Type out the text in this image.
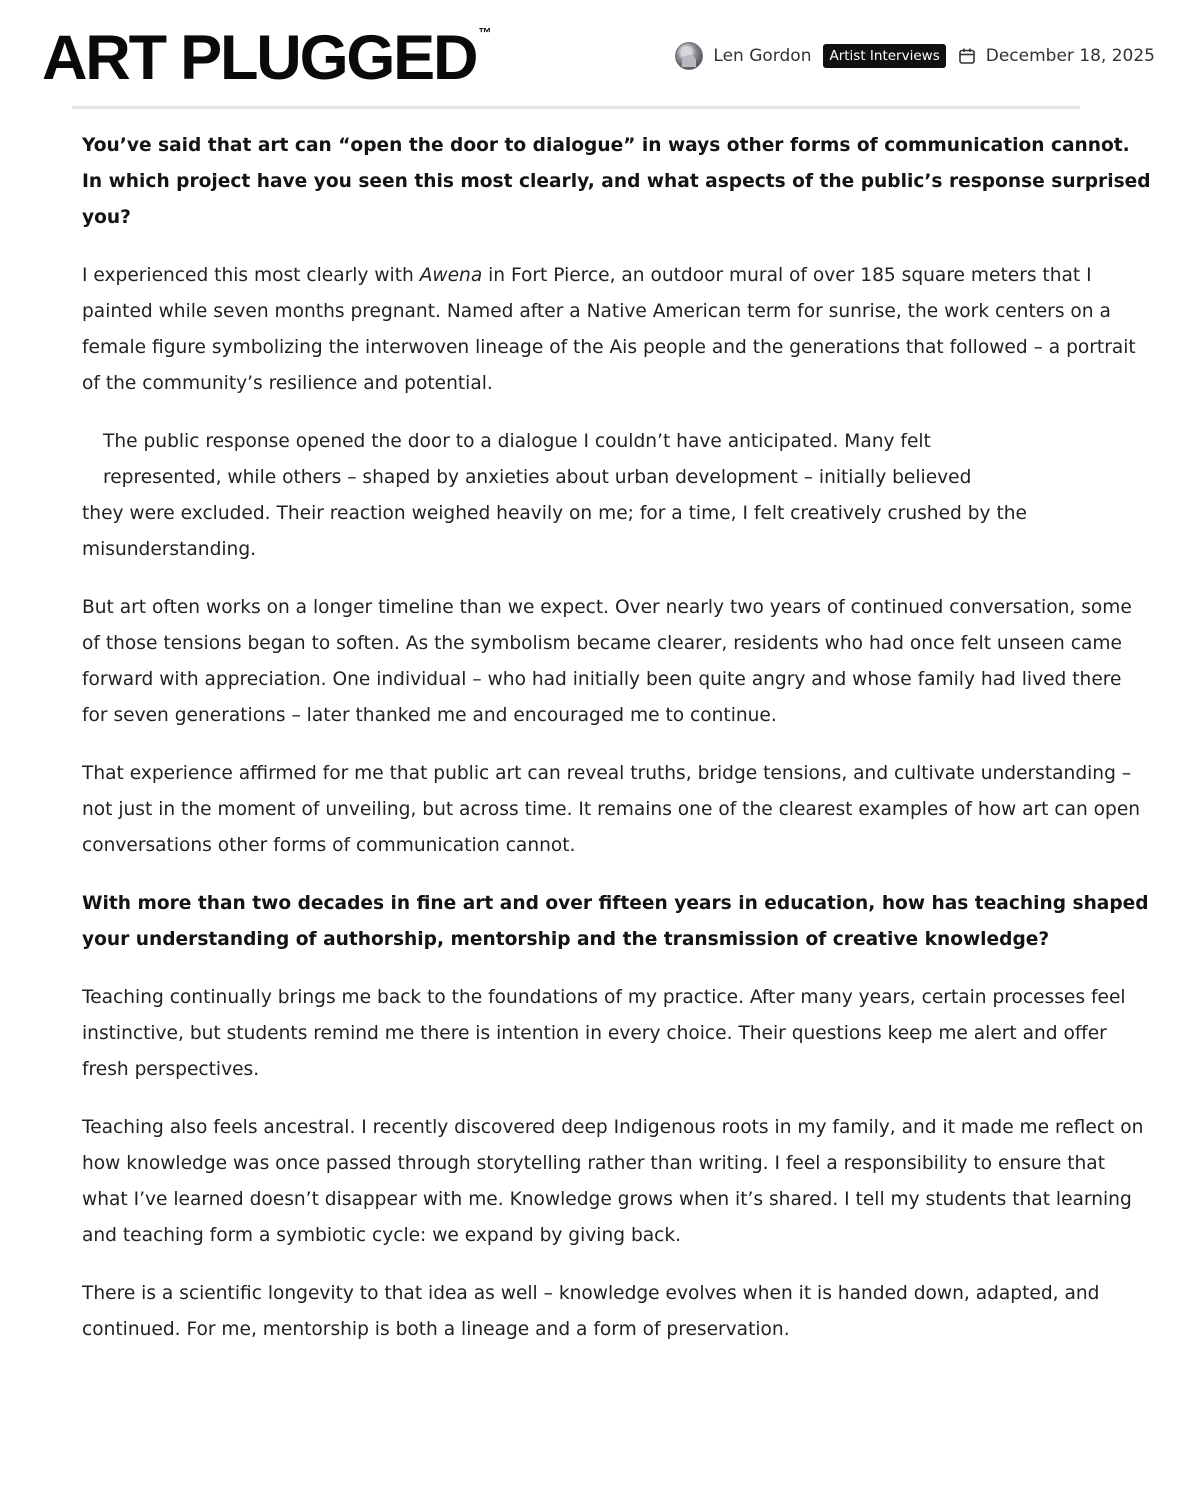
ART PLUGGED ™
Len Gordon	Artist Interviews	December 18, 2025

You’ve said that art can “open the door to dialogue” in ways other forms of communication cannot. In which project have you seen this most clearly, and what aspects of the public’s response surprised you?

I experienced this most clearly with Awena in Fort Pierce, an outdoor mural of over 185 square meters that I painted while seven months pregnant. Named after a Native American term for sunrise, the work centers on a female figure symbolizing the interwoven lineage of the Ais people and the generations that followed – a portrait of the community’s resilience and potential.

The public response opened the door to a dialogue I couldn’t have anticipated. Many felt
represented, while others – shaped by anxieties about urban development – initially believed
they were excluded. Their reaction weighed heavily on me; for a time, I felt creatively crushed by the misunderstanding.

But art often works on a longer timeline than we expect. Over nearly two years of continued conversation, some of those tensions began to soften. As the symbolism became clearer, residents who had once felt unseen came forward with appreciation. One individual – who had initially been quite angry and whose family had lived there for seven generations – later thanked me and encouraged me to continue.

That experience affirmed for me that public art can reveal truths, bridge tensions, and cultivate understanding – not just in the moment of unveiling, but across time. It remains one of the clearest examples of how art can open conversations other forms of communication cannot.

With more than two decades in fine art and over fifteen years in education, how has teaching shaped your understanding of authorship, mentorship and the transmission of creative knowledge?

Teaching continually brings me back to the foundations of my practice. After many years, certain processes feel instinctive, but students remind me there is intention in every choice. Their questions keep me alert and offer fresh perspectives.

Teaching also feels ancestral. I recently discovered deep Indigenous roots in my family, and it made me reflect on how knowledge was once passed through storytelling rather than writing. I feel a responsibility to ensure that what I’ve learned doesn’t disappear with me. Knowledge grows when it’s shared. I tell my students that learning and teaching form a symbiotic cycle: we expand by giving back.

There is a scientific longevity to that idea as well – knowledge evolves when it is handed down, adapted, and continued. For me, mentorship is both a lineage and a form of preservation.
